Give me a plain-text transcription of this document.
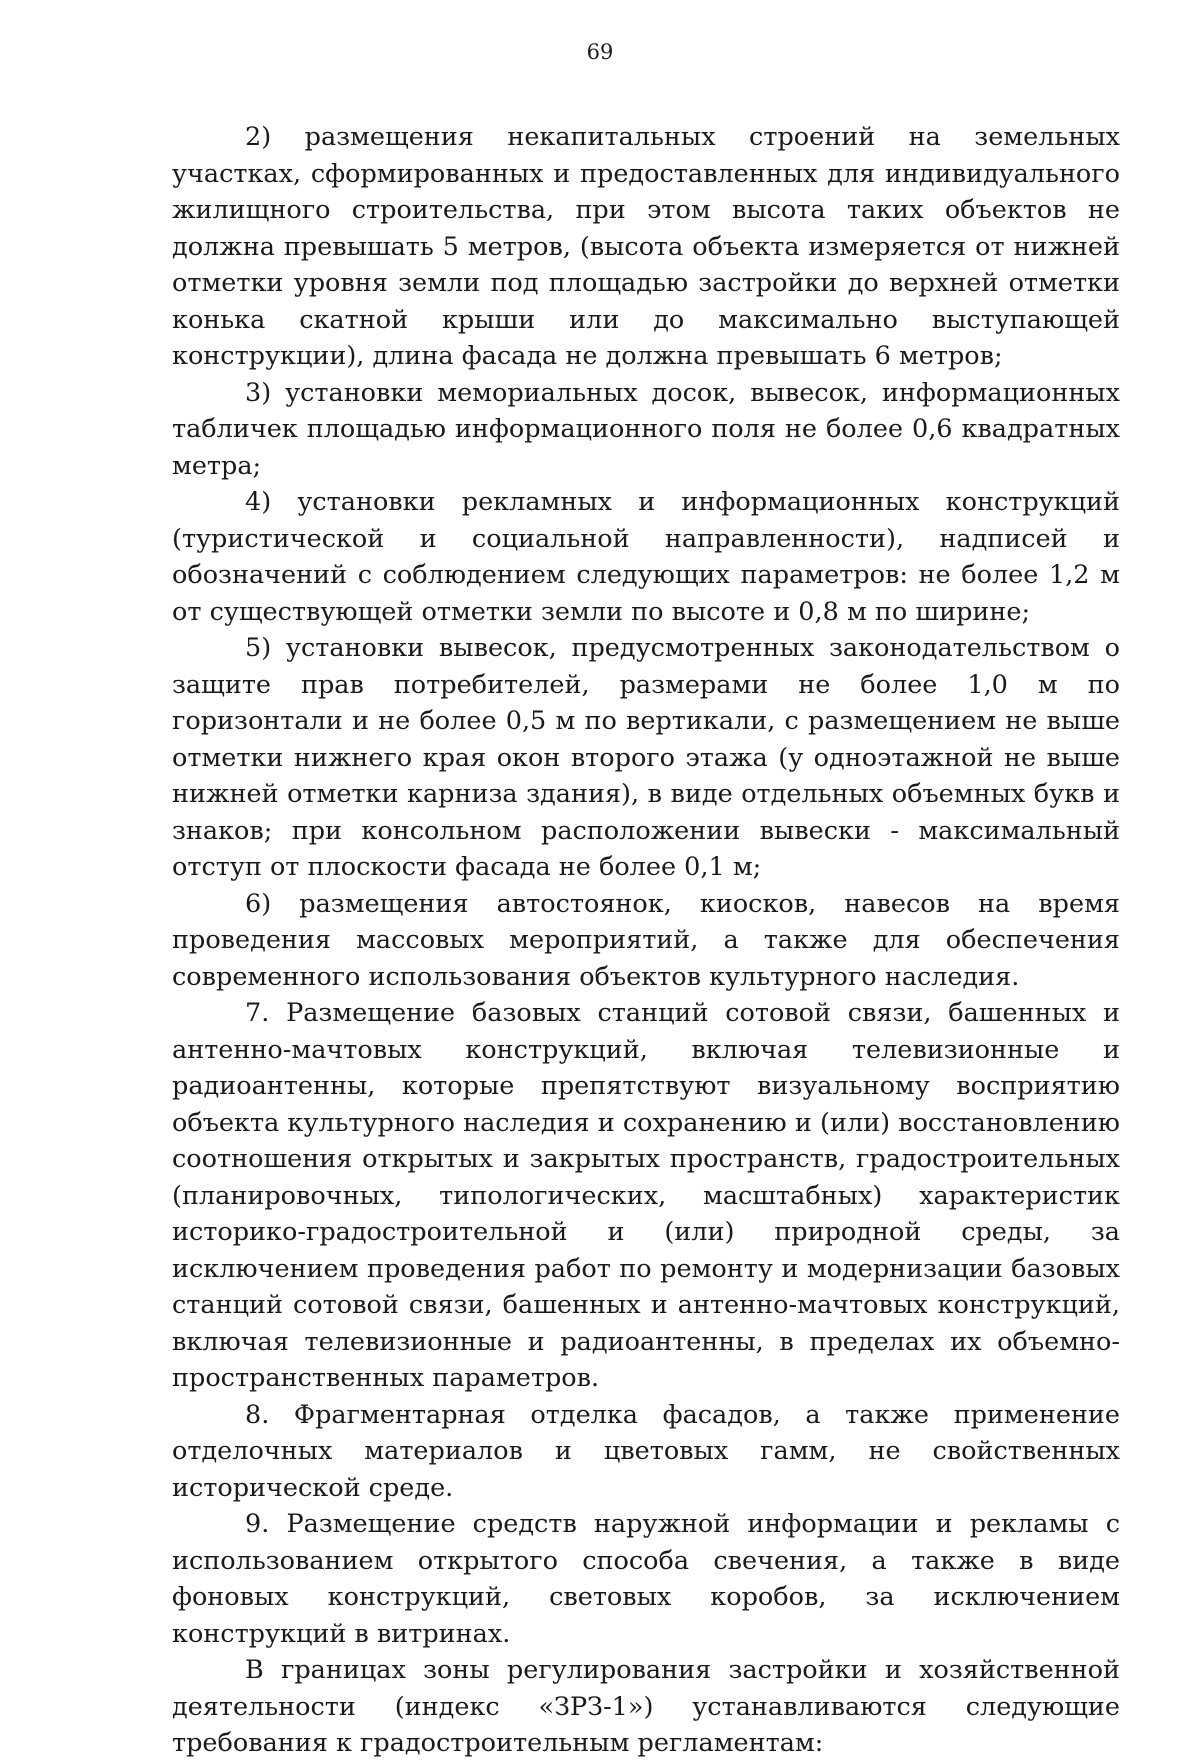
69

2) размещения некапитальных строений на земельных участках, сформированных и предоставленных для индивидуального жилищного строительства, при этом высота таких объектов не должна превышать 5 метров, (высота объекта измеряется от нижней отметки уровня земли под площадью застройки до верхней отметки конька скатной крыши или до максимально выступающей конструкции), длина фасада не должна превышать 6 метров;

3) установки мемориальных досок, вывесок, информационных табличек площадью информационного поля не более 0,6 квадратных метра;

4) установки рекламных и информационных конструкций (туристической и социальной направленности), надписей и обозначений с соблюдением следующих параметров: не более 1,2 м от существующей отметки земли по высоте и 0,8 м по ширине;

5) установки вывесок, предусмотренных законодательством о защите прав потребителей, размерами не более 1,0 м по горизонтали и не более 0,5 м по вертикали, с размещением не выше отметки нижнего края окон второго этажа (у одноэтажной не выше нижней отметки карниза здания), в виде отдельных объемных букв и знаков; при консольном расположении вывески - максимальный отступ от плоскости фасада не более 0,1 м;

6) размещения автостоянок, киосков, навесов на время проведения массовых мероприятий, а также для обеспечения современного использования объектов культурного наследия.

7. Размещение базовых станций сотовой связи, башенных и антенно-мачтовых конструкций, включая телевизионные и радиоантенны, которые препятствуют визуальному восприятию объекта культурного наследия и сохранению и (или) восстановлению соотношения открытых и закрытых пространств, градостроительных (планировочных, типологических, масштабных) характеристик историко-градостроительной и (или) природной среды, за исключением проведения работ по ремонту и модернизации базовых станций сотовой связи, башенных и антенно-мачтовых конструкций, включая телевизионные и радиоантенны, в пределах их объемно-пространственных параметров.

8. Фрагментарная отделка фасадов, а также применение отделочных материалов и цветовых гамм, не свойственных исторической среде.

9. Размещение средств наружной информации и рекламы с использованием открытого способа свечения, а также в виде фоновых конструкций, световых коробов, за исключением конструкций в витринах.

В границах зоны регулирования застройки и хозяйственной деятельности (индекс «ЗРЗ-1») устанавливаются следующие требования к градостроительным регламентам:
